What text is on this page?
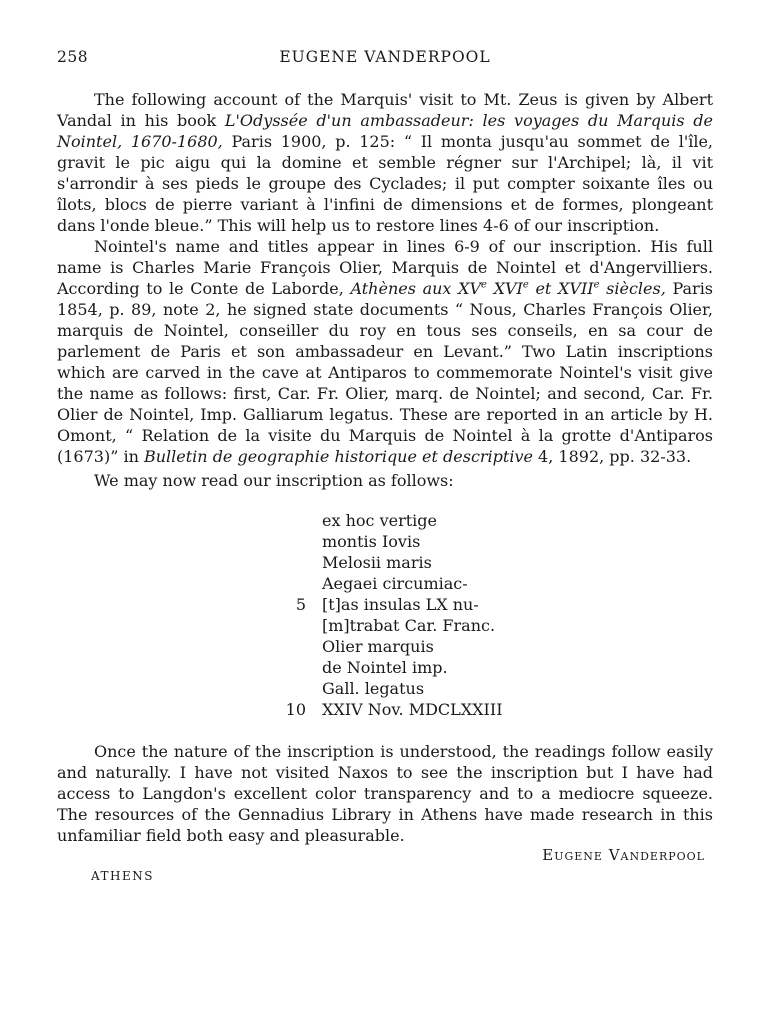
258	EUGENE VANDERPOOL

The following account of the Marquis' visit to Mt. Zeus is given by Albert Vandal in his book L'Odyssée d'un ambassadeur: les voyages du Marquis de Nointel, 1670-1680, Paris 1900, p. 125: “ Il monta jusqu'au sommet de l'île, gravit le pic aigu qui la domine et semble régner sur l'Archipel; là, il vit s'arrondir à ses pieds le groupe des Cyclades; il put compter soixante îles ou îlots, blocs de pierre variant à l'infini de dimensions et de formes, plongeant dans l'onde bleue.” This will help us to restore lines 4-6 of our inscription.

Nointel's name and titles appear in lines 6-9 of our inscription. His full name is Charles Marie François Olier, Marquis de Nointel et d'Angervilliers. According to le Conte de Laborde, Athènes aux XVe XVIe et XVIIe siècles, Paris 1854, p. 89, note 2, he signed state documents “ Nous, Charles François Olier, marquis de Nointel, conseiller du roy en tous ses conseils, en sa cour de parlement de Paris et son ambassadeur en Levant.” Two Latin inscriptions which are carved in the cave at Antiparos to commemorate Nointel's visit give the name as follows: first, Car. Fr. Olier, marq. de Nointel; and second, Car. Fr. Olier de Nointel, Imp. Galliarum legatus. These are reported in an article by H. Omont, “ Relation de la visite du Marquis de Nointel à la grotte d'Antiparos (1673)” in Bulletin de geographie historique et descriptive 4, 1892, pp. 32-33.

We may now read our inscription as follows:

ex hoc vertige
montis Iovis
Melosii maris
Aegaei circumiac-
5 [t]as insulas LX nu-
[m]trabat Car. Franc.
Olier marquis
de Nointel imp.
Gall. legatus
10 XXIV Nov. MDCLXXIII

Once the nature of the inscription is understood, the readings follow easily and naturally. I have not visited Naxos to see the inscription but I have had access to Langdon's excellent color transparency and to a mediocre squeeze. The resources of the Gennadius Library in Athens have made research in this unfamiliar field both easy and pleasurable.

Eugene Vanderpool
ATHENS
